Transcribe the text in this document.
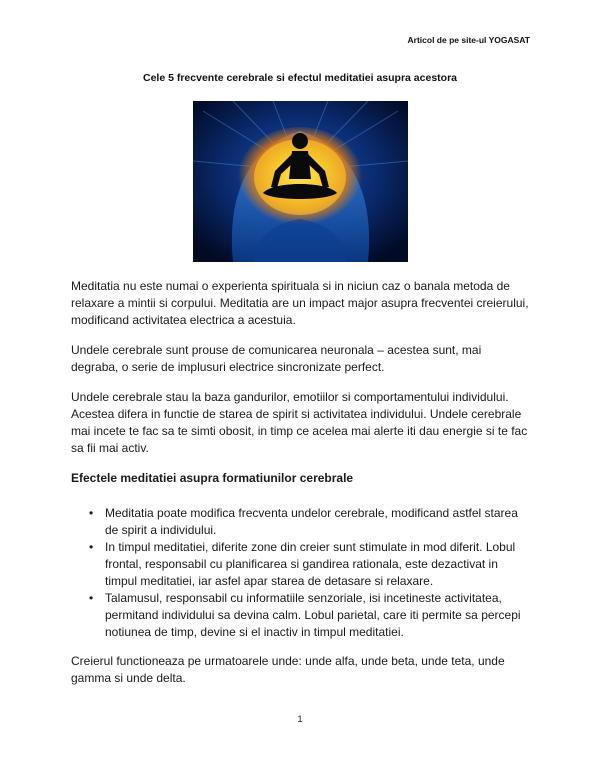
Articol de pe site-ul YOGASAT
Cele 5 frecvente cerebrale si efectul meditatiei asupra acestora

Meditatia nu este numai o experienta spirituala si in niciun caz o banala metoda de relaxare a mintii si corpului. Meditatia are un impact major asupra frecventei creierului, modificand activitatea electrica a acestuia.

Undele cerebrale sunt prouse de comunicarea neuronala – acestea sunt, mai degraba, o serie de implusuri electrice sincronizate perfect.

Undele cerebrale stau la baza gandurilor, emotiilor si comportamentului individului. Acestea difera in functie de starea de spirit si activitatea individului. Undele cerebrale mai incete te fac sa te simti obosit, in timp ce acelea mai alerte iti dau energie si te fac sa fii mai activ.

Efectele meditatiei asupra formatiunilor cerebrale
• Meditatia poate modifica frecventa undelor cerebrale, modificand astfel starea de spirit a individului.
• In timpul meditatiei, diferite zone din creier sunt stimulate in mod diferit. Lobul frontal, responsabil cu planificarea si gandirea rationala, este dezactivat in timpul meditatiei, iar asfel apar starea de detasare si relaxare.
• Talamusul, responsabil cu informatiile senzoriale, isi incetineste activitatea, permitand individului sa devina calm. Lobul parietal, care iti permite sa percepi notiunea de timp, devine si el inactiv in timpul meditatiei.

Creierul functioneaza pe urmatoarele unde: unde alfa, unde beta, unde teta, unde gamma si unde delta.

1
